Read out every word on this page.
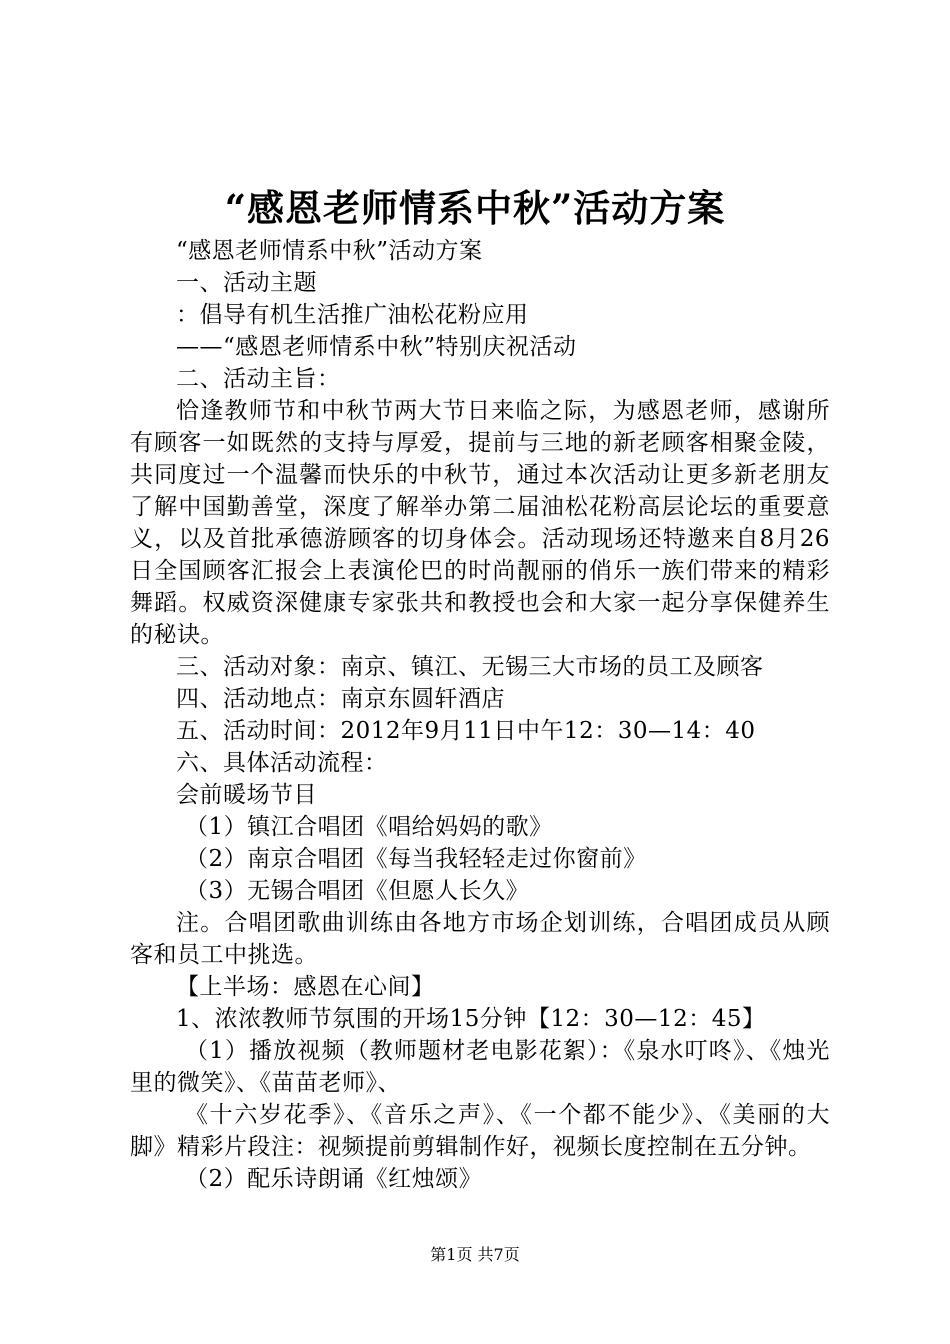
“感恩老师情系中秋”活动方案

“感恩老师情系中秋”活动方案

一、活动主题

：倡导有机生活推广油松花粉应用

——“感恩老师情系中秋”特别庆祝活动

二、活动主旨：

恰逢教师节和中秋节两大节日来临之际，为感恩老师，感谢所有顾客一如既然的支持与厚爱，提前与三地的新老顾客相聚金陵，共同度过一个温馨而快乐的中秋节，通过本次活动让更多新老朋友了解中国勤善堂，深度了解举办第二届油松花粉高层论坛的重要意义，以及首批承德游顾客的切身体会。活动现场还特邀来自8月26日全国顾客汇报会上表演伦巴的时尚靓丽的俏乐一族们带来的精彩舞蹈。权威资深健康专家张共和教授也会和大家一起分享保健养生的秘诀。

三、活动对象：南京、镇江、无锡三大市场的员工及顾客

四、活动地点：南京东圆轩酒店

五、活动时间：2012年9月11日中午12：30—14：40

六、具体活动流程：

会前暖场节目

（1）镇江合唱团《唱给妈妈的歌》

（2）南京合唱团《每当我轻轻走过你窗前》

（3）无锡合唱团《但愿人长久》

注。合唱团歌曲训练由各地方市场企划训练，合唱团成员从顾客和员工中挑选。

【上半场：感恩在心间】

1、浓浓教师节氛围的开场15分钟【12：30—12：45】

（1）播放视频（教师题材老电影花絮）：《泉水叮咚》、《烛光里的微笑》、《苗苗老师》、

《十六岁花季》、《音乐之声》、《一个都不能少》、《美丽的大脚》精彩片段注：视频提前剪辑制作好，视频长度控制在五分钟。

（2）配乐诗朗诵《红烛颂》

第1页 共7页
